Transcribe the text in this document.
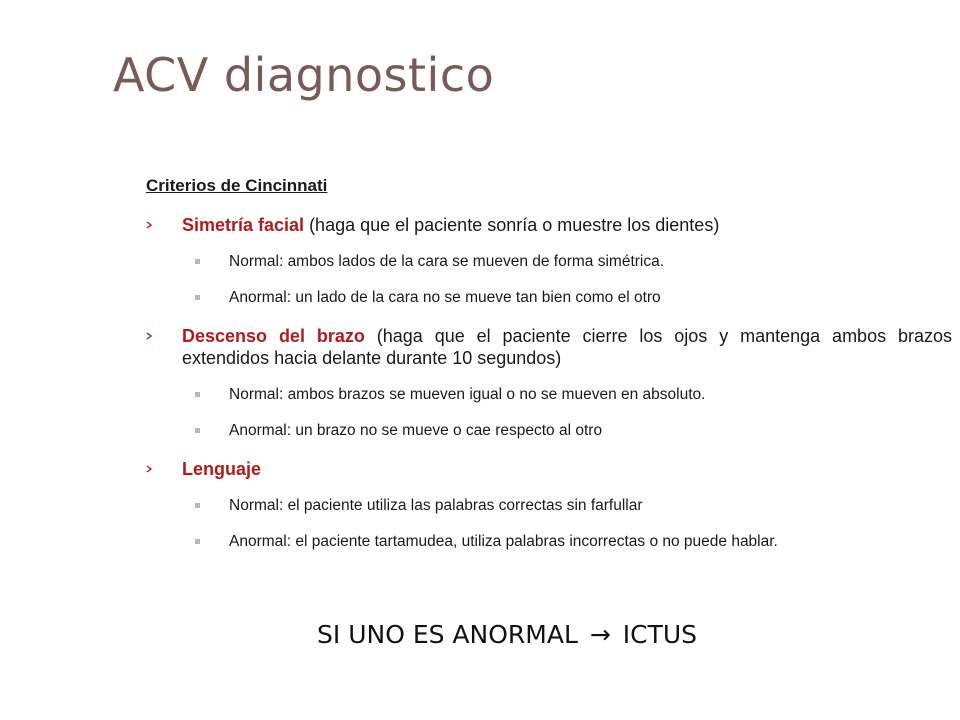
ACV diagnostico
Criterios de Cincinnati
Simetría facial (haga que el paciente sonría o muestre los dientes)
Normal: ambos lados de la cara se mueven de forma simétrica.
Anormal: un lado de la cara no se mueve tan bien como el otro
Descenso del brazo (haga que el paciente cierre los ojos y mantenga ambos brazos extendidos hacia delante durante 10 segundos)
Normal: ambos brazos se mueven igual o no se mueven en absoluto.
Anormal: un brazo no se mueve o cae respecto al otro
Lenguaje
Normal: el paciente utiliza las palabras correctas sin farfullar
Anormal: el paciente tartamudea, utiliza palabras incorrectas o no puede hablar.
SI UNO ES ANORMAL → ICTUS
